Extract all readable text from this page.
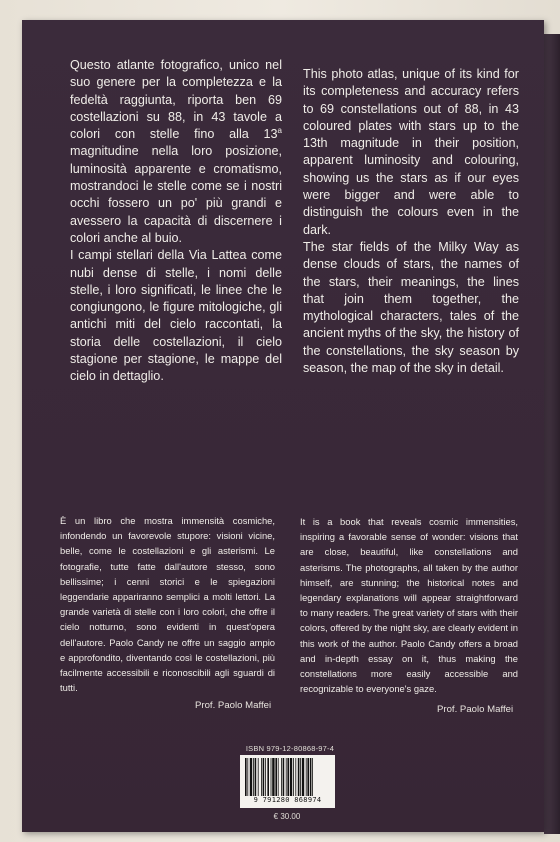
Questo atlante fotografico, unico nel suo genere per la completezza e la fedeltà raggiunta, riporta ben 69 costellazioni su 88, in 43 tavole a colori con stelle fino alla 13$^a$ magnitudine nella loro posizione, luminosità apparente e cromatismo, mostrandoci le stelle come se i nostri occhi fossero un po' più grandi e avessero la capacità di discernere i colori anche al buio.

I campi stellari della Via Lattea come nubi dense di stelle, i nomi delle stelle, i loro significati, le linee che le congiungono, le figure mitologiche, gli antichi miti del cielo raccontati, la storia delle costellazioni, il cielo stagione per stagione, le mappe del cielo in dettaglio.

This photo atlas, unique of its kind for its completeness and accuracy refers to 69 constellations out of 88, in 43 coloured plates with stars up to the 13th magnitude in their position, apparent luminosity and colouring, showing us the stars as if our eyes were bigger and were able to distinguish the colours even in the dark.

The star fields of the Milky Way as dense clouds of stars, the names of the stars, their meanings, the lines that join them together, the mythological characters, tales of the ancient myths of the sky, the history of the constellations, the sky season by season, the map of the sky in detail.

È un libro che mostra immensità cosmiche, infondendo un favorevole stupore: visioni vicine, belle, come le costellazioni e gli asterismi. Le fotografie, tutte fatte dall'autore stesso, sono bellissime; i cenni storici e le spiegazioni leggendarie appariranno semplici a molti lettori. La grande varietà di stelle con i loro colori, che offre il cielo notturno, sono evidenti in quest'opera dell'autore. Paolo Candy ne offre un saggio ampio e approfondito, diventando così le costellazioni, più facilmente accessibili e riconoscibili agli sguardi di tutti.

Prof. Paolo Maffei

It is a book that reveals cosmic immensities, inspiring a favorable sense of wonder: visions that are close, beautiful, like constellations and asterisms. The photographs, all taken by the author himself, are stunning; the historical notes and legendary explanations will appear straightforward to many readers. The great variety of stars with their colors, offered by the night sky, are clearly evident in this work of the author. Paolo Candy offers a broad and in-depth essay on it, thus making the constellations more easily accessible and recognizable to everyone's gaze.

Prof. Paolo Maffei
ISBN 979-12-80868-97-4
9 791280 868974
€ 30.00
